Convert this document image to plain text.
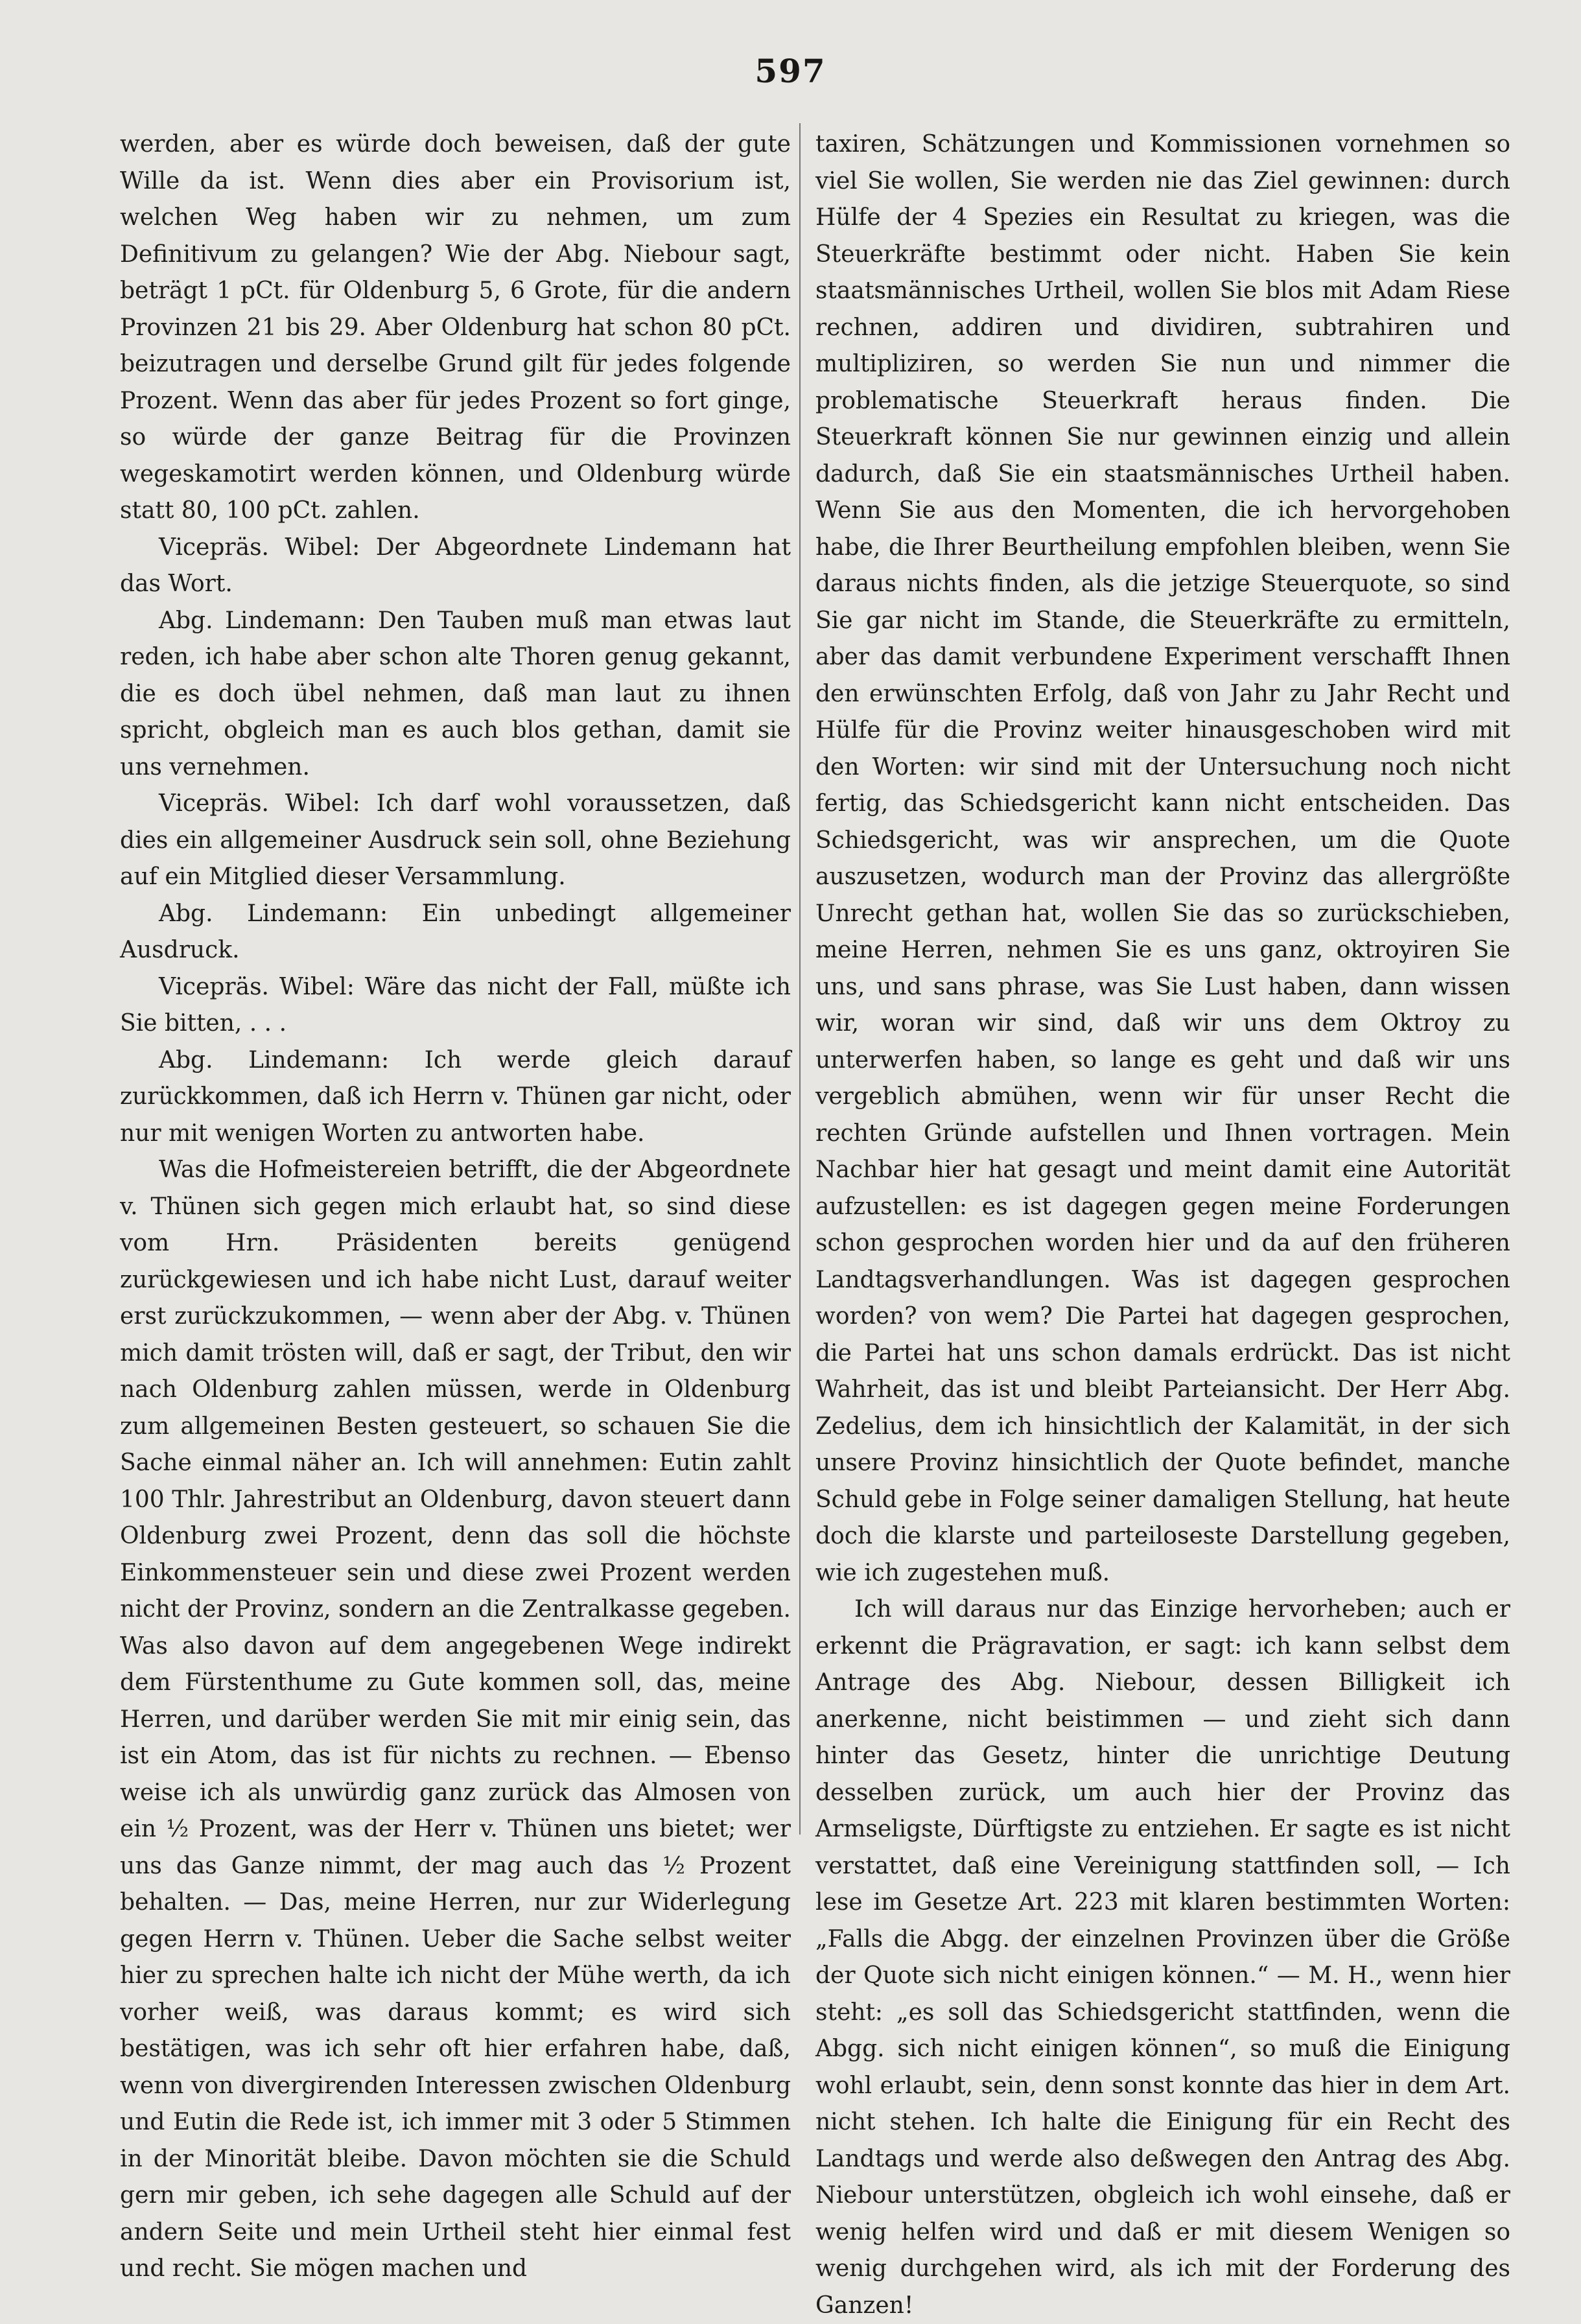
597

werden, aber es würde doch beweisen, daß der gute Wille da ist. Wenn dies aber ein Provisorium ist, welchen Weg haben wir zu nehmen, um zum Definitivum zu gelangen? Wie der Abg. Niebour sagt, beträgt 1 pCt. für Oldenburg 5, 6 Grote, für die andern Provinzen 21 bis 29. Aber Oldenburg hat schon 80 pCt. beizutragen und derselbe Grund gilt für jedes folgende Prozent. Wenn das aber für jedes Prozent so fort ginge, so würde der ganze Beitrag für die Provinzen wegeskamotirt werden können, und Oldenburg würde statt 80, 100 pCt. zahlen.

Vicepräs. Wibel: Der Abgeordnete Lindemann hat das Wort.

Abg. Lindemann: Den Tauben muß man etwas laut reden, ich habe aber schon alte Thoren genug gekannt, die es doch übel nehmen, daß man laut zu ihnen spricht, obgleich man es auch blos gethan, damit sie uns vernehmen.

Vicepräs. Wibel: Ich darf wohl voraussetzen, daß dies ein allgemeiner Ausdruck sein soll, ohne Beziehung auf ein Mitglied dieser Versammlung.

Abg. Lindemann: Ein unbedingt allgemeiner Ausdruck.

Vicepräs. Wibel: Wäre das nicht der Fall, müßte ich Sie bitten, . . .

Abg. Lindemann: Ich werde gleich darauf zurückkommen, daß ich Herrn v. Thünen gar nicht, oder nur mit wenigen Worten zu antworten habe.

Was die Hofmeistereien betrifft, die der Abgeordnete v. Thünen sich gegen mich erlaubt hat, so sind diese vom Hrn. Präsidenten bereits genügend zurückgewiesen und ich habe nicht Lust, darauf weiter erst zurückzukommen, — wenn aber der Abg. v. Thünen mich damit trösten will, daß er sagt, der Tribut, den wir nach Oldenburg zahlen müssen, werde in Oldenburg zum allgemeinen Besten gesteuert, so schauen Sie die Sache einmal näher an. Ich will annehmen: Eutin zahlt 100 Thlr. Jahrestribut an Oldenburg, davon steuert dann Oldenburg zwei Prozent, denn das soll die höchste Einkommensteuer sein und diese zwei Prozent werden nicht der Provinz, sondern an die Zentralkasse gegeben. Was also davon auf dem angegebenen Wege indirekt dem Fürstenthume zu Gute kommen soll, das, meine Herren, und darüber werden Sie mit mir einig sein, das ist ein Atom, das ist für nichts zu rechnen. — Ebenso weise ich als unwürdig ganz zurück das Almosen von ein ½ Prozent, was der Herr v. Thünen uns bietet; wer uns das Ganze nimmt, der mag auch das ½ Prozent behalten. — Das, meine Herren, nur zur Widerlegung gegen Herrn v. Thünen. Ueber die Sache selbst weiter hier zu sprechen halte ich nicht der Mühe werth, da ich vorher weiß, was daraus kommt; es wird sich bestätigen, was ich sehr oft hier erfahren habe, daß, wenn von divergirenden Interessen zwischen Oldenburg und Eutin die Rede ist, ich immer mit 3 oder 5 Stimmen in der Minorität bleibe. Davon möchten sie die Schuld gern mir geben, ich sehe dagegen alle Schuld auf der andern Seite und mein Urtheil steht hier einmal fest und recht. Sie mögen machen und

taxiren, Schätzungen und Kommissionen vornehmen so viel Sie wollen, Sie werden nie das Ziel gewinnen: durch Hülfe der 4 Spezies ein Resultat zu kriegen, was die Steuerkräfte bestimmt oder nicht. Haben Sie kein staatsmännisches Urtheil, wollen Sie blos mit Adam Riese rechnen, addiren und dividiren, subtrahiren und multipliziren, so werden Sie nun und nimmer die problematische Steuerkraft heraus finden. Die Steuerkraft können Sie nur gewinnen einzig und allein dadurch, daß Sie ein staatsmännisches Urtheil haben. Wenn Sie aus den Momenten, die ich hervorgehoben habe, die Ihrer Beurtheilung empfohlen bleiben, wenn Sie daraus nichts finden, als die jetzige Steuerquote, so sind Sie gar nicht im Stande, die Steuerkräfte zu ermitteln, aber das damit verbundene Experiment verschafft Ihnen den erwünschten Erfolg, daß von Jahr zu Jahr Recht und Hülfe für die Provinz weiter hinausgeschoben wird mit den Worten: wir sind mit der Untersuchung noch nicht fertig, das Schiedsgericht kann nicht entscheiden. Das Schiedsgericht, was wir ansprechen, um die Quote auszusetzen, wodurch man der Provinz das allergrößte Unrecht gethan hat, wollen Sie das so zurückschieben, meine Herren, nehmen Sie es uns ganz, oktroyiren Sie uns, und sans phrase, was Sie Lust haben, dann wissen wir, woran wir sind, daß wir uns dem Oktroy zu unterwerfen haben, so lange es geht und daß wir uns vergeblich abmühen, wenn wir für unser Recht die rechten Gründe aufstellen und Ihnen vortragen. Mein Nachbar hier hat gesagt und meint damit eine Autorität aufzustellen: es ist dagegen gegen meine Forderungen schon gesprochen worden hier und da auf den früheren Landtagsverhandlungen. Was ist dagegen gesprochen worden? von wem? Die Partei hat dagegen gesprochen, die Partei hat uns schon damals erdrückt. Das ist nicht Wahrheit, das ist und bleibt Parteiansicht. Der Herr Abg. Zedelius, dem ich hinsichtlich der Kalamität, in der sich unsere Provinz hinsichtlich der Quote befindet, manche Schuld gebe in Folge seiner damaligen Stellung, hat heute doch die klarste und parteiloseste Darstellung gegeben, wie ich zugestehen muß.

Ich will daraus nur das Einzige hervorheben; auch er erkennt die Prägravation, er sagt: ich kann selbst dem Antrage des Abg. Niebour, dessen Billigkeit ich anerkenne, nicht beistimmen — und zieht sich dann hinter das Gesetz, hinter die unrichtige Deutung desselben zurück, um auch hier der Provinz das Armseligste, Dürftigste zu entziehen. Er sagte es ist nicht verstattet, daß eine Vereinigung stattfinden soll, — Ich lese im Gesetze Art. 223 mit klaren bestimmten Worten: „Falls die Abgg. der einzelnen Provinzen über die Größe der Quote sich nicht einigen können.“ — M. H., wenn hier steht: „es soll das Schiedsgericht stattfinden, wenn die Abgg. sich nicht einigen können“, so muß die Einigung wohl erlaubt, sein, denn sonst konnte das hier in dem Art. nicht stehen. Ich halte die Einigung für ein Recht des Landtags und werde also deßwegen den Antrag des Abg. Niebour unterstützen, obgleich ich wohl einsehe, daß er wenig helfen wird und daß er mit diesem Wenigen so wenig durchgehen wird, als ich mit der Forderung des Ganzen!
